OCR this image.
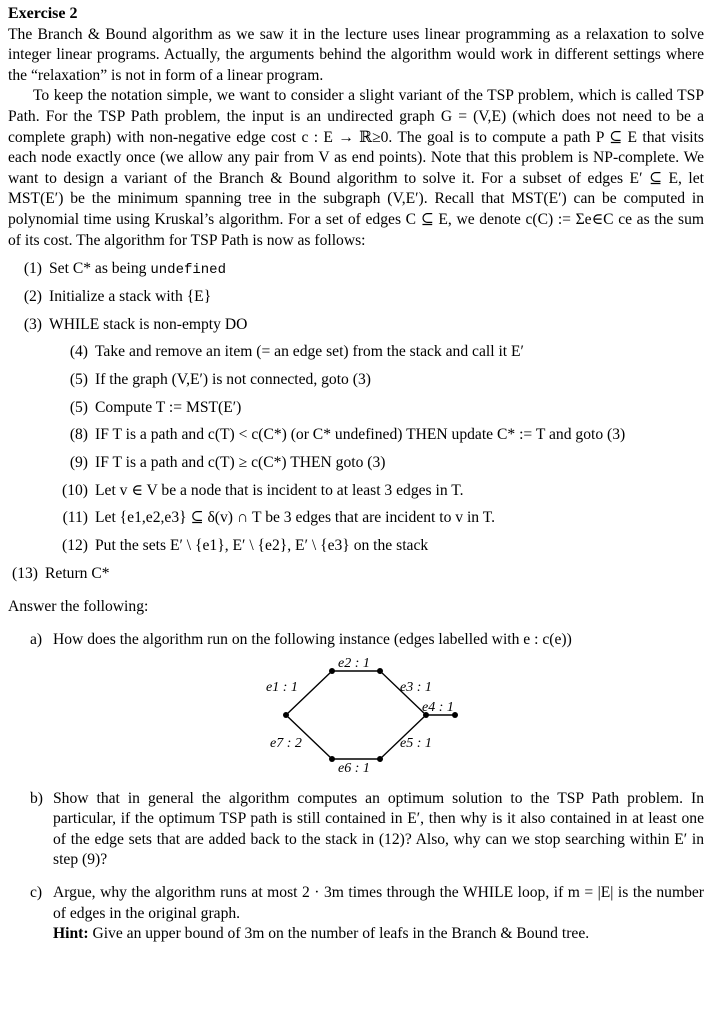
Exercise 2

The Branch & Bound algorithm as we saw it in the lecture uses linear programming as a relaxation to solve integer linear programs. Actually, the arguments behind the algorithm would work in different settings where the “relaxation” is not in form of a linear program.

To keep the notation simple, we want to consider a slight variant of the TSP problem, which is called TSP Path. For the TSP Path problem, the input is an undirected graph G = (V,E) (which does not need to be a complete graph) with non-negative edge cost c : E → ℝ≥0. The goal is to compute a path P ⊆ E that visits each node exactly once (we allow any pair from V as end points). Note that this problem is NP-complete. We want to design a variant of the Branch & Bound algorithm to solve it. For a subset of edges E′ ⊆ E, let MST(E′) be the minimum spanning tree in the subgraph (V,E′). Recall that MST(E′) can be computed in polynomial time using Kruskal’s algorithm. For a set of edges C ⊆ E, we denote c(C) := Σe∈C ce as the sum of its cost. The algorithm for TSP Path is now as follows:

(1) Set C* as being undefined
(2) Initialize a stack with {E}
(3) WHILE stack is non-empty DO
(4) Take and remove an item (= an edge set) from the stack and call it E′
(5) If the graph (V,E′) is not connected, goto (3)
(5) Compute T := MST(E′)
(8) IF T is a path and c(T) < c(C*) (or C* undefined) THEN update C* := T and goto (3)
(9) IF T is a path and c(T) ≥ c(C*) THEN goto (3)
(10) Let v ∈ V be a node that is incident to at least 3 edges in T.
(11) Let {e1,e2,e3} ⊆ δ(v) ∩ T be 3 edges that are incident to v in T.
(12) Put the sets E′ \ {e1}, E′ \ {e2}, E′ \ {e3} on the stack
(13) Return C*
Answer the following:
a) How does the algorithm run on the following instance (edges labelled with e : c(e))
e1 : 1
e2 : 1
e3 : 1
e4 : 1
e5 : 1
e6 : 1
e7 : 2
b) Show that in general the algorithm computes an optimum solution to the TSP Path problem. In particular, if the optimum TSP path is still contained in E′, then why is it also contained in at least one of the edge sets that are added back to the stack in (12)? Also, why can we stop searching within E′ in step (9)?
c) Argue, why the algorithm runs at most 2 · 3m times through the WHILE loop, if m = |E| is the number of edges in the original graph.
Hint: Give an upper bound of 3m on the number of leafs in the Branch & Bound tree.
